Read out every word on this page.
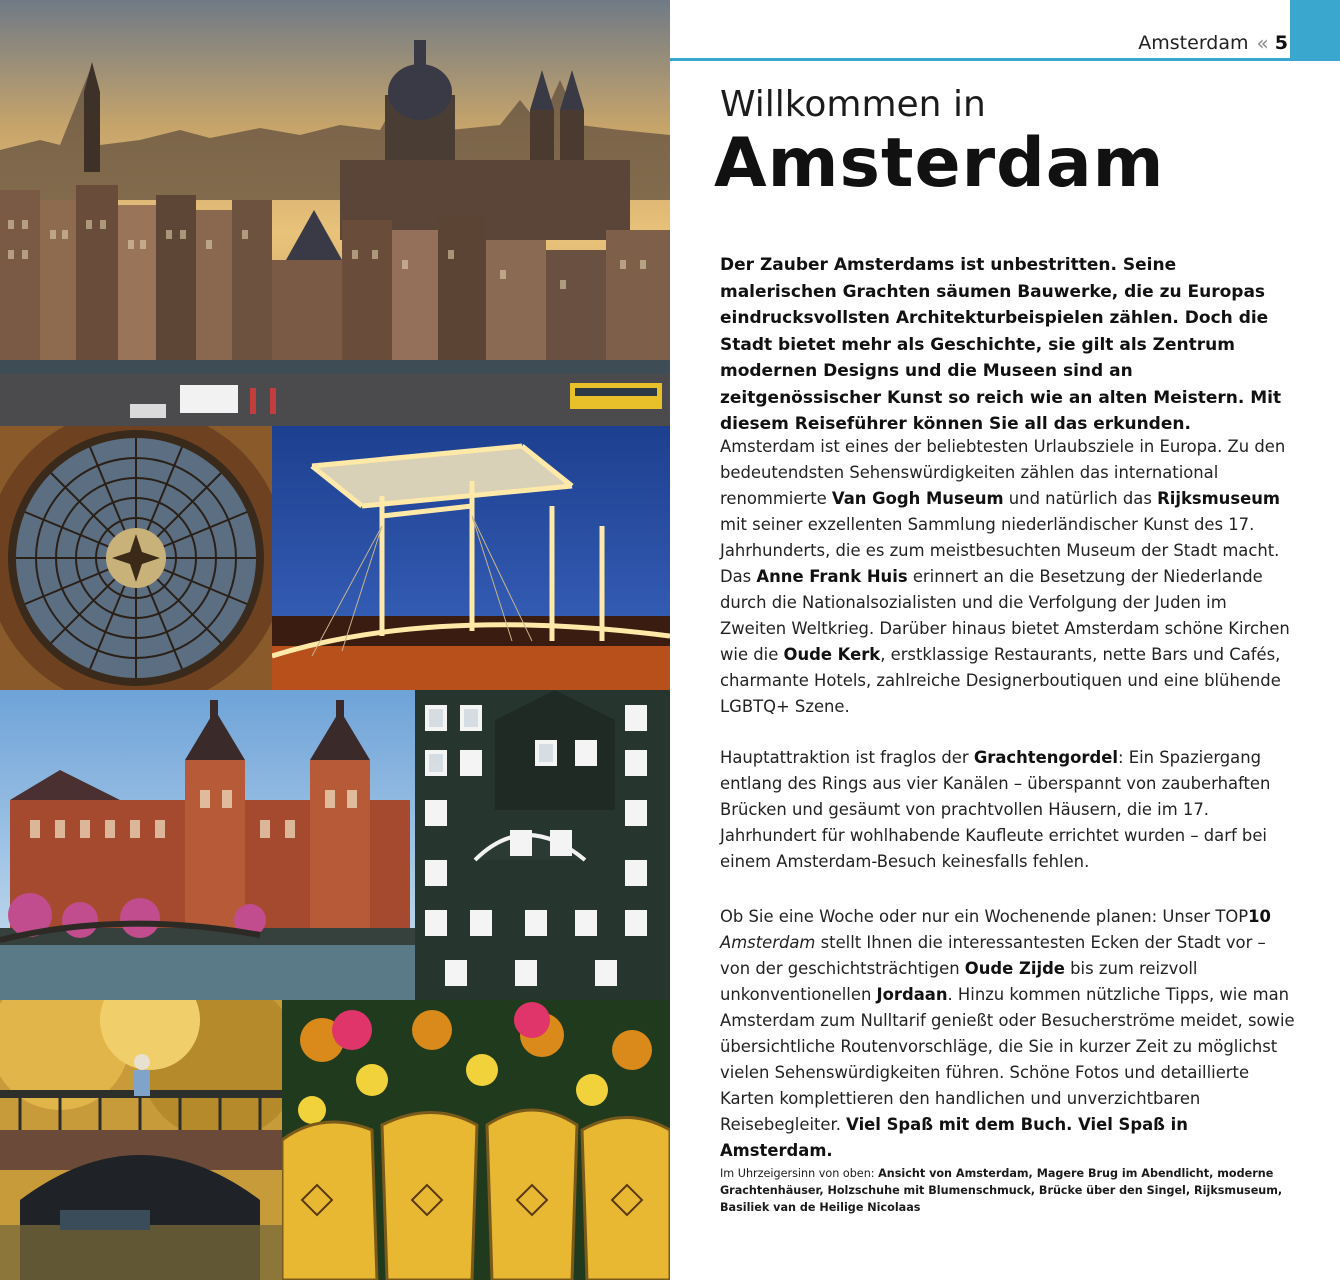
Amsterdam « 5
Willkommen in
Amsterdam
Der Zauber Amsterdams ist unbestritten. Seine malerischen Grachten säumen Bauwerke, die zu Europas eindrucksvollsten Architekturbeispielen zählen. Doch die Stadt bietet mehr als Geschichte, sie gilt als Zentrum modernen Designs und die Museen sind an zeitgenössischer Kunst so reich wie an alten Meistern. Mit diesem Reiseführer können Sie all das erkunden.
Amsterdam ist eines der beliebtesten Urlaubsziele in Europa. Zu den bedeutendsten Sehenswürdigkeiten zählen das international renommierte Van Gogh Museum und natürlich das Rijksmuseum mit seiner exzellenten Sammlung niederländischer Kunst des 17. Jahrhunderts, die es zum meistbesuchten Museum der Stadt macht. Das Anne Frank Huis erinnert an die Besetzung der Niederlande durch die Nationalsozialisten und die Verfolgung der Juden im Zweiten Weltkrieg. Darüber hinaus bietet Amsterdam schöne Kirchen wie die Oude Kerk, erstklassige Restaurants, nette Bars und Cafés, charmante Hotels, zahlreiche Designerboutiquen und eine blühende LGBTQ+ Szene.
Hauptattraktion ist fraglos der Grachtengordel: Ein Spaziergang entlang des Rings aus vier Kanälen – überspannt von zauberhaften Brücken und gesäumt von prachtvollen Häusern, die im 17. Jahrhundert für wohlhabende Kaufleute errichtet wurden – darf bei einem Amsterdam-Besuch keinesfalls fehlen.
Ob Sie eine Woche oder nur ein Wochenende planen: Unser TOP10
Amsterdam stellt Ihnen die interessantesten Ecken der Stadt vor – von der geschichtsträchtigen Oude Zijde bis zum reizvoll unkonventionellen Jordaan. Hinzu kommen nützliche Tipps, wie man Amsterdam zum Nulltarif genießt oder Besucherströme meidet, sowie übersichtliche Routenvorschläge, die Sie in kurzer Zeit zu möglichst vielen Sehenswürdigkeiten führen. Schöne Fotos und detaillierte Karten komplettieren den handlichen und unverzichtbaren Reisebegleiter. Viel Spaß mit dem Buch. Viel Spaß in Amsterdam.
Im Uhrzeigersinn von oben: Ansicht von Amsterdam, Magere Brug im Abendlicht, moderne Grachtenhäuser, Holzschuhe mit Blumenschmuck, Brücke über den Singel, Rijksmuseum, Basiliek van de Heilige Nicolaas
